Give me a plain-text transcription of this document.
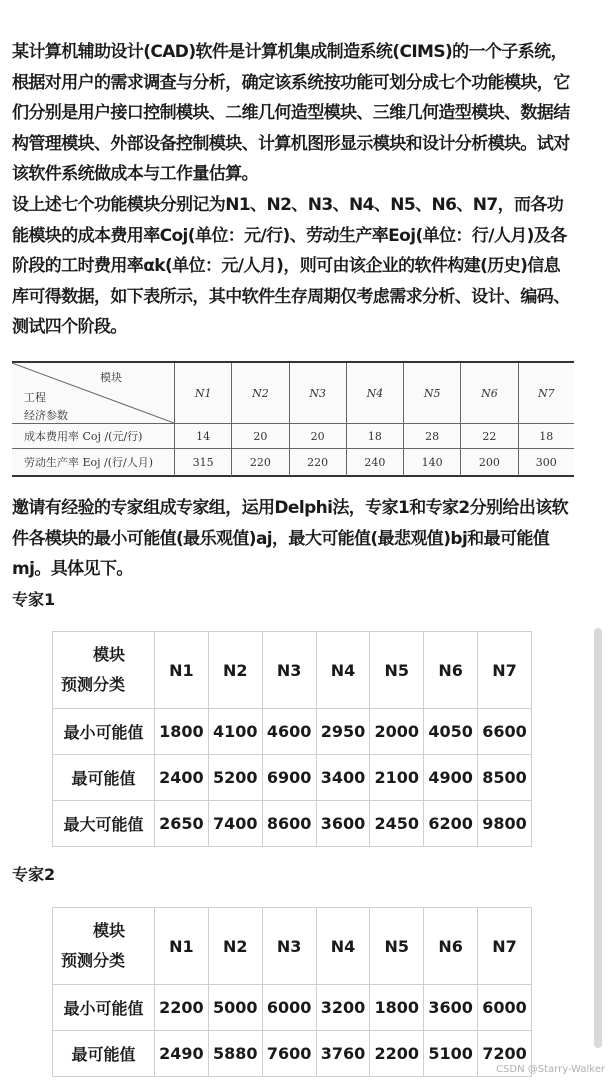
某计算机辅助设计(CAD)软件是计算机集成制造系统(CIMS)的一个子系统，根据对用户的需求调查与分析，确定该系统按功能可划分成七个功能模块，它们分别是用户接口控制模块、二维几何造型模块、三维几何造型模块、数据结构管理模块、外部设备控制模块、计算机图形显示模块和设计分析模块。试对该软件系统做成本与工作量估算。
设上述七个功能模块分别记为N1、N2、N3、N4、N5、N6、N7，而各功能模块的成本费用率Coj(单位：元/行)、劳动生产率Eoj(单位：行/人月)及各阶段的工时费用率αk(单位：元/人月)，则可由该企业的软件构建(历史)信息库可得数据，如下表所示，其中软件生存周期仅考虑需求分析、设计、编码、测试四个阶段。
模块
工程
经济参数	N1	N2	N3	N4	N5	N6	N7
成本费用率 Coj /(元/行)	14	20	20	18	28	22	18
劳动生产率 Eoj /(行/人月)	315	220	220	240	140	200	300
邀请有经验的专家组成专家组，运用Delphi法，专家1和专家2分别给出该软件各模块的最小可能值(最乐观值)aj，最大可能值(最悲观值)bj和最可能值mj。具体见下。
专家1
模块
预测分类	N1	N2	N3	N4	N5	N6	N7
最小可能值	1800	4100	4600	2950	2000	4050	6600
最可能值	2400	5200	6900	3400	2100	4900	8500
最大可能值	2650	7400	8600	3600	2450	6200	9800
专家2
模块
预测分类	N1	N2	N3	N4	N5	N6	N7
最小可能值	2200	5000	6000	3200	1800	3600	6000
最可能值	2490	5880	7600	3760	2200	5100	7200
CSDN @Starry-Walker
